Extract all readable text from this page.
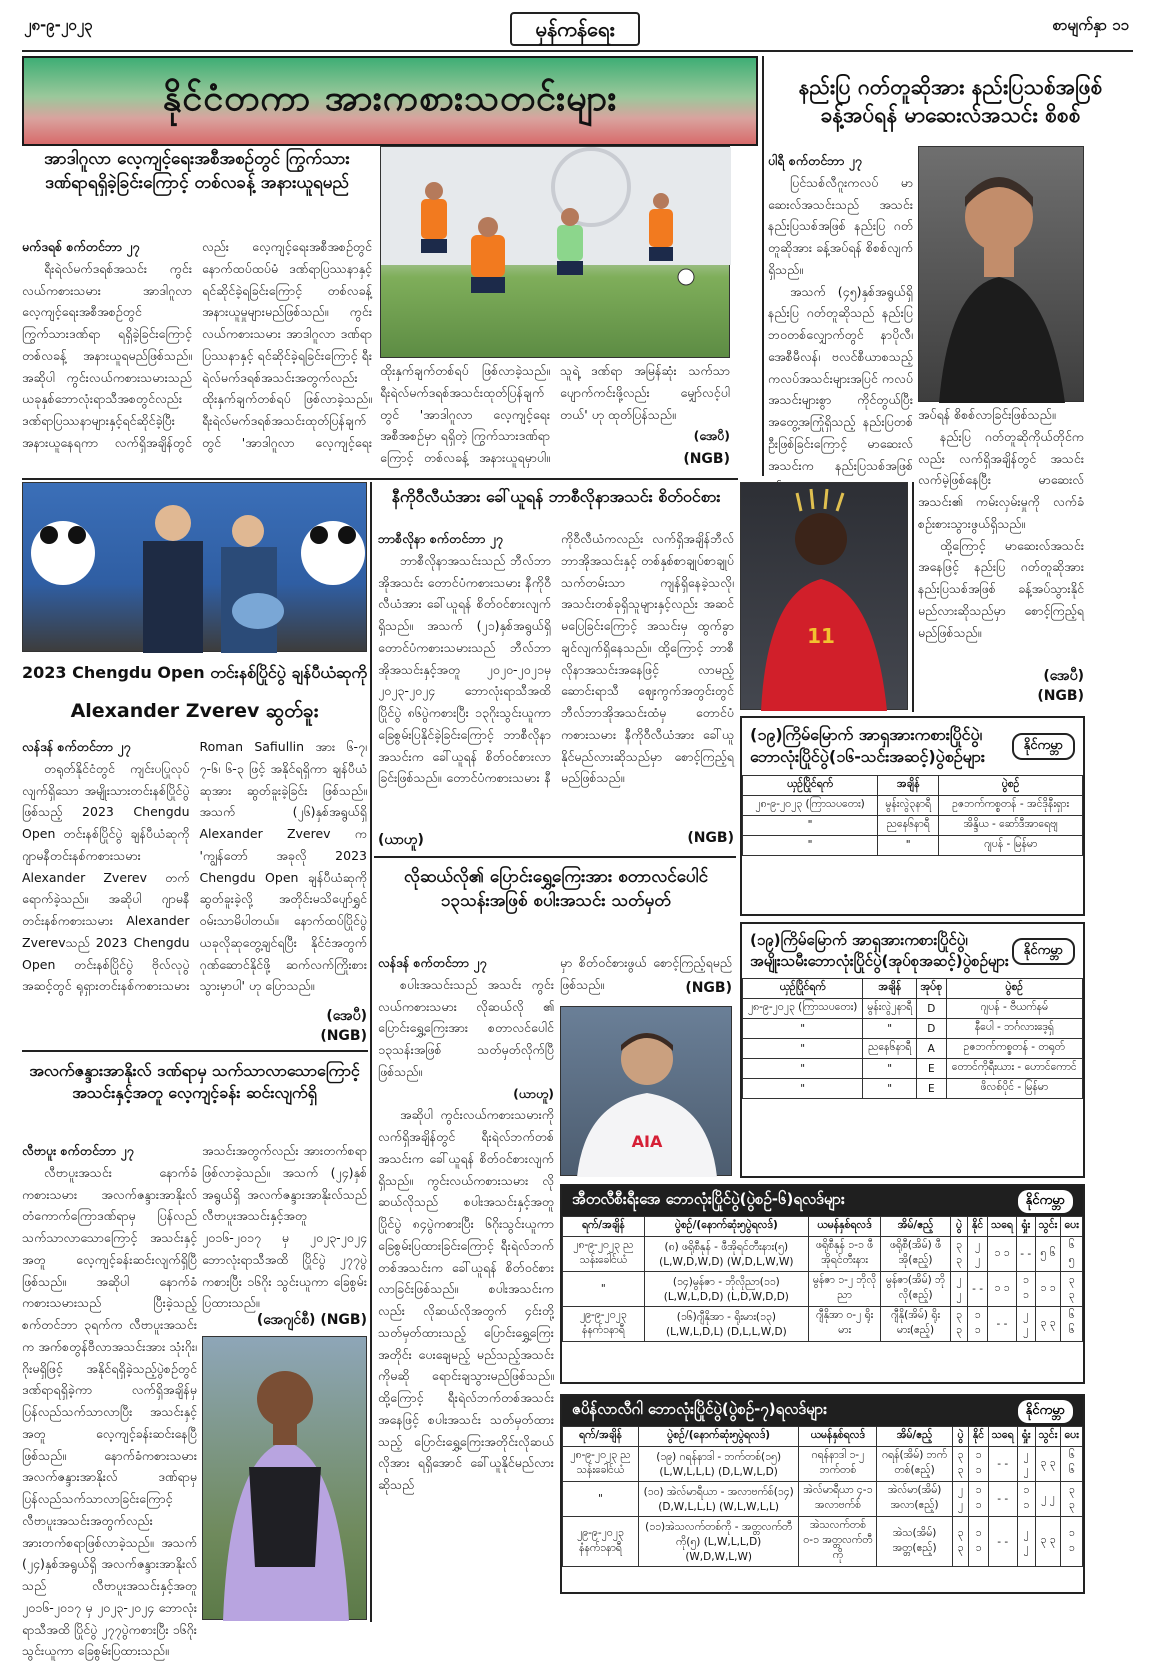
၂၈-၉-၂၀၂၃	မှန်ကန်ရေး	စာမျက်နှာ ၁၁
နိုင်ငံတကာ အားကစားသတင်းများ	နည်းပြ ဂတ်တူဆိုအား နည်းပြသစ်အဖြစ်
ခန့်အပ်ရန် မာဆေးလ်အသင်း စိစစ်
အာဒါဂူလာ လေ့ကျင့်ရေးအစီအစဉ်တွင် ကြွက်သား
ဒဏ်ရာရရှိခဲ့ခြင်းကြောင့် တစ်လခန့် အနားယူရမည်

မက်ဒရစ် စက်တင်ဘာ ၂၇

ရီးရဲလ်မက်ဒရစ်အသင်း ကွင်းလယ်ကစားသမား အာဒါဂူလာ လေ့ကျင့်ရေးအစီအစဉ်တွင် ကြွက်သားဒဏ်ရာ ရရှိခဲ့ခြင်းကြောင့် တစ်လခန့် အနားယူရမည်ဖြစ်သည်။ အဆိုပါ ကွင်းလယ်ကစားသမားသည် ယခုနှစ်ဘောလုံးရာသီအစတွင်လည်း ဒဏ်ရာပြဿနာများနှင့်ရင်ဆိုင်ခဲ့ပြီး အနားယူနေရကာ လက်ရှိအချိန်တွင်လည်း လေ့ကျင့်ရေးအစီအစဉ်တွင် နောက်ထပ်ထပ်မံ ဒဏ်ရာပြဿနာနှင့် ရင်ဆိုင်ခဲ့ရခြင်းကြောင့် တစ်လခန့် အနားယူမှုများမည်ဖြစ်သည်။ ကွင်းလယ်ကစားသမား အာဒါဂူလာ ဒဏ်ရာပြဿနာနှင့် ရင်ဆိုင်ခဲ့ရခြင်းကြောင့် ရီးရဲလ်မက်ဒရစ်အသင်းအတွက်လည်း ထိုးနှက်ချက်တစ်ရပ် ဖြစ်လာခဲ့သည်။ ရီးရဲလ်မက်ဒရစ်အသင်းထုတ်ပြန်ချက်တွင် 'အာဒါဂူလာ လေ့ကျင့်ရေး

ထိုးနှက်ချက်တစ်ရပ် ဖြစ်လာခဲ့သည်။ ရီးရဲလ်မက်ဒရစ်အသင်းထုတ်ပြန်ချက်တွင် 'အာဒါဂူလာ လေ့ကျင့်ရေးအစီအစဉ်မှာ ရရှိတဲ့ ကြွက်သားဒဏ်ရာကြောင့် တစ်လခန့် အနားယူရမှာပါ။ သူရဲ့ ဒဏ်ရာ အမြန်ဆုံး သက်သာပျောက်ကင်းဖို့လည်း မျှော်လင့်ပါတယ်' ဟု ထုတ်ပြန်သည်။

(အေပီ)

(NGB)

ပါရီ စက်တင်ဘာ ၂၇

ပြင်သစ်လီဂူးကလပ် မာဆေးလ်အသင်းသည် အသင်းနည်းပြသစ်အဖြစ် နည်းပြ ဂတ်တူဆိုအား ခန့်အပ်ရန် စိစစ်လျက်ရှိသည်။

အသက် (၄၅)နှစ်အရွယ်ရှိ နည်းပြ ဂတ်တူဆိုသည် နည်းပြဘဝတစ်လျှောက်တွင် နာပိုလီ၊ အေစီမီလန်၊ ဗလင်စီယာစသည့်ကလပ်အသင်းများအပြင် ကလပ်အသင်းများစွာ ကိုင်တွယ်ပြီး အတွေ့အကြုံရှိသည့် နည်းပြတစ်ဦးဖြစ်ခြင်းကြောင့် မာဆေးလ်အသင်းက နည်းပြသစ်အဖြစ်

အပ်ရန် စိစစ်လာခြင်းဖြစ်သည်။

နည်းပြ ဂတ်တူဆိုကိုယ်တိုင်ကလည်း လက်ရှိအချိန်တွင် အသင်းလက်မဲ့ဖြစ်နေပြီး မာဆေးလ်အသင်း၏ ကမ်းလှမ်းမှုကို လက်ခံစဉ်းစားသွားဖွယ်ရှိသည်။

ထို့ကြောင့် မာဆေးလ်အသင်းအနေဖြင့် နည်းပြ ဂတ်တူဆိုအား နည်းပြသစ်အဖြစ် ခန့်အပ်သွားနိုင်မည်လားဆိုသည်မှာ စောင့်ကြည့်ရမည်ဖြစ်သည်။

(အေပီ)
(NGB)
2023 Chengdu Open တင်းနစ်ပြိုင်ပွဲ ချန်ပီယံဆုကို
Alexander Zverev ဆွတ်ခူး

လန်ဒန် စက်တင်ဘာ ၂၇

တရုတ်နိုင်ငံတွင် ကျင်းပပြုလုပ်လျက်ရှိသော အမျိုးသားတင်းနစ်ပြိုင်ပွဲဖြစ်သည့် 2023 Chengdu Open တင်းနစ်ပြိုင်ပွဲ ချန်ပီယံဆုကို ဂျာမနီတင်းနစ်ကစားသမား Alexander Zverev တက်ရောက်ခဲ့သည်။ အဆိုပါ ဂျာမနီတင်းနစ်ကစားသမား Alexander Zverevသည် 2023 Chengdu Open တင်းနစ်ပြိုင်ပွဲ ဗိုလ်လုပွဲအဆင့်တွင် ရုရှားတင်းနစ်ကစားသမား Roman Safiullin အား ၆-၇၊ ၇-၆၊ ၆-၃ ဖြင့် အနိုင်ရရှိကာ ချန်ပီယံဆုအား ဆွတ်ခူးခဲ့ခြင်း ဖြစ်သည်။ အသက် (၂၆)နှစ်အရွယ်ရှိ Alexander Zverev က 'ကျွန်တော် အခုလို 2023 Chengdu Open ချန်ပီယံဆုကို ဆွတ်ခူးခဲ့လို့ အတိုင်းမသိပျော်ရွှင်ဝမ်းသာမိပါတယ်။ နောက်ထပ်ပြိုင်ပွဲ ယခုလိုဆုတွေ့ချင်ရပြီး နိုင်ငံအတွက် ဂုဏ်ဆောင်နိုင်ဖို့ ဆက်လက်ကြိုးစားသွားမှာပါ' ဟု ပြောသည်။

(အေပီ)
(NGB)
အလက်ဇန္ဒားအာနိုးလ် ဒဏ်ရာမှ သက်သာလာသောကြောင့်
အသင်းနှင့်အတူ လေ့ကျင့်ခန်း ဆင်းလျက်ရှိ

လီဗာပူး စက်တင်ဘာ ၂၇

လီဗာပူးအသင်း နောက်ခံကစားသမား အလက်ဇန္ဒားအာနိုးလ် တံကောက်ကြောဒဏ်ရာမှ ပြန်လည်သက်သာလာသောကြောင့် အသင်းနှင့်အတူ လေ့ကျင့်ခန်းဆင်းလျက်ရှိပြီ ဖြစ်သည်။ အဆိုပါ နောက်ခံကစားသမားသည် ပြီးခဲ့သည့် စက်တင်ဘာ ၃ရက်က လီဗာပူးအသင်း က အက်စတွန်ဗီလာအသင်းအား သုံးဂိုး၊ ဂိုးမရှိဖြင့် အနိုင်ရရှိခဲ့သည့်ပွဲစဉ်တွင် ဒဏ်ရာရရှိခဲ့ကာ လက်ရှိအချိန်မှ ပြန်လည်သက်သာလာပြီး အသင်းနှင့်အတူ လေ့ကျင့်ခန်းဆင်းနေပြီ ဖြစ်သည်။ နောက်ခံကစားသမား အလက်ဇန္ဒားအာနိုးလ် ဒဏ်ရာမှ ပြန်လည်သက်သာလာခြင်းကြောင့် လီဗာပူးအသင်းအတွက်လည်း အားတက်စရာဖြစ်လာခဲ့သည်။ အသက် (၂၄)နှစ်အရွယ်ရှိ အလက်ဇန္ဒားအာနိုးလ်သည် လီဗာပူးအသင်းနှင့်အတူ ၂၀၁၆-၂၀၁၇ မှ ၂၀၂၃-၂၀၂၄ ဘောလုံးရာသီအထိ ပြိုင်ပွဲ ၂၇၇ပွဲကစားပြီး ၁၆ဂိုး သွင်းယူကာ ခြေစွမ်းပြထားသည်။

အသင်းအတွက်လည်း အားတက်စရာဖြစ်လာခဲ့သည်။ အသက် (၂၄)နှစ်အရွယ်ရှိ အလက်ဇန္ဒားအာနိုးလ်သည် လီဗာပူးအသင်းနှင့်အတူ ၂၀၁၆-၂၀၁၇ မှ ၂၀၂၃-၂၀၂၄ ဘောလုံးရာသီအထိ ပြိုင်ပွဲ ၂၇၇ပွဲကစားပြီး ၁၆ဂိုး သွင်းယူကာ ခြေစွမ်းပြထားသည်။

(အေဂျင်စီ) (NGB)
နီကိုဝီလီယံအား ခေါ်ယူရန် ဘာစီလိုနာအသင်း စိတ်ဝင်စား

ဘာစီလိုနာ စက်တင်ဘာ ၂၇

ဘာစီလိုနာအသင်းသည် ဘီလ်ဘာအိုအသင်း တောင်ပံကစားသမား နီကိုဝီလီယံအား ခေါ်ယူရန် စိတ်ဝင်စားလျက်ရှိသည်။ အသက် (၂၁)နှစ်အရွယ်ရှိ တောင်ပံကစားသမားသည် ဘီလ်ဘာအိုအသင်းနှင့်အတူ ၂၀၂၀-၂၀၂၁မှ ၂၀၂၃-၂၀၂၄ ဘောလုံးရာသီအထိ ပြိုင်ပွဲ ၈၆ပွဲကစားပြီး ၁၃ဂိုးသွင်းယူကာ ခြေစွမ်းပြနိုင်ခဲ့ခြင်းကြောင့် ဘာစီလိုနာအသင်းက ခေါ်ယူရန် စိတ်ဝင်စားလာခြင်းဖြစ်သည်။ တောင်ပံကစားသမား နီကိုဝီလီယံကလည်း လက်ရှိအချိန်ဘီလ်ဘာအိုအသင်းနှင့် တစ်နှစ်စာချုပ်စာချုပ်သက်တမ်းသာ ကျန်ရှိနေခဲ့သလို၊ အသင်းတစ်ခုရှိသူများနှင့်လည်း အဆင်မပြေခြင်းကြောင့် အသင်းမှ ထွက်ခွာချင်လျက်ရှိနေသည်။ ထို့ကြောင့် ဘာစီလိုနာအသင်းအနေဖြင့် လာမည့် ဆောင်းရာသီ ဈေးကွက်အတွင်းတွင် ဘီလ်ဘာအိုအသင်းထံမှ တောင်ပံကစားသမား နီကိုဝီလီယံအား ခေါ်ယူနိုင်မည်လားဆိုသည်မှာ စောင့်ကြည့်ရမည်ဖြစ်သည်။

(ယာဟူ)	(NGB)
11
လိုဆယ်လို၏ ပြောင်းရွှေ့ကြေးအား စတာလင်ပေါင်
၁၃သန်းအဖြစ် စပါးအသင်း သတ်မှတ်

လန်ဒန် စက်တင်ဘာ ၂၇

စပါးအသင်းသည် အသင်း ကွင်းလယ်ကစားသမား လိုဆယ်လို ၏ ပြောင်းရွှေ့ကြေးအား စတာလင်ပေါင် ၁၃သန်းအဖြစ် သတ်မှတ်လိုက်ပြီဖြစ်သည်။

(ယာဟူ)

အဆိုပါ ကွင်းလယ်ကစားသမားကို လက်ရှိအချိန်တွင် ရီးရဲလ်ဘက်တစ်အသင်းက ခေါ်ယူရန် စိတ်ဝင်စားလျက်ရှိသည်။ ကွင်းလယ်ကစားသမား လိုဆယ်လိုသည် စပါးအသင်းနှင့်အတူ ပြိုင်ပွဲ ၈၄ပွဲကစားပြီး ၆ဂိုးသွင်းယူကာ ခြေစွမ်းပြထားခြင်းကြောင့် ရီးရဲလ်ဘက်တစ်အသင်းက ခေါ်ယူရန် စိတ်ဝင်စားလာခြင်းဖြစ်သည်။ စပါးအသင်းကလည်း လိုဆယ်လိုအတွက် ၄င်းတို့ သတ်မှတ်ထားသည့် ပြောင်းရွှေ့ကြေးအတိုင်း ပေးချေမည့် မည်သည့်အသင်းကိုမဆို ရောင်းချသွားမည်ဖြစ်သည်။ ထို့ကြောင့် ရီးရဲလ်ဘက်တစ်အသင်းအနေဖြင့် စပါးအသင်း သတ်မှတ်ထားသည့် ပြောင်းရွှေ့ကြေးအတိုင်းလိုဆယ်လိုအား ရရှိအောင် ခေါ်ယူနိုင်မည်လားဆိုသည်

မှာ စိတ်ဝင်စားဖွယ် စောင့်ကြည့်ရမည်ဖြစ်သည်။	(NGB)
AIA
(၁၉)ကြိမ်မြောက် အာရှအားကစားပြိုင်ပွဲ၊
ဘောလုံးပြိုင်ပွဲ(၁၆-သင်းအဆင့်)ပွဲစဉ်များ
နိုင်ကမ္ဘာ
ယှဉ်ပြိုင်ရက်	အချိန်	ပွဲစဉ်
၂၈-၉-၂၀၂၃ (ကြာသပတေး)	မွန်းလွဲ၃နာရီ	ဥဇဘက်ကစ္စတန် - အင်ဒိုနီးရှား
"	ညနေ၆နာရီ	အိန္ဒိယ - ဆော်ဒီအာရေဗျ
"	"	ဂျပန် - မြန်မာ
(၁၉)ကြိမ်မြောက် အာရှအားကစားပြိုင်ပွဲ၊
အမျိုးသမီးဘောလုံးပြိုင်ပွဲ(အုပ်စုအဆင့်)ပွဲစဉ်များ
နိုင်ကမ္ဘာ
ယှဉ်ပြိုင်ရက်	အချိန်	အုပ်စု	ပွဲစဉ်
၂၈-၉-၂၀၂၃ (ကြာသပတေး)	မွန်းလွဲ၂နာရီ	D	ဂျပန် - ဗီယက်နမ်
"	"	D	နီပေါ - ဘင်္ဂလားဒေ့ရှ်
"	ညနေ၆နာရီ	A	ဥဇဘက်ကစ္စတန် - တရုတ်
"	"	E	တောင်ကိုရီးယား - ဟောင်ကောင်
"	"	E	ဖိလစ်ပိုင် - မြန်မာ
အီတလီစီးရီးအေ ဘောလုံးပြိုင်ပွဲ(ပွဲစဉ်-၆)ရလဒ်များ	နိုင်ကမ္ဘာ
ရက်/အချိန်	ပွဲစဉ်/(နောက်ဆုံး၅ပွဲရလဒ်)	ယမန်နှစ်ရလဒ်	အိမ်/ဧည့်	ပွဲ	နိုင်	သရေ	ရှုံး	သွင်း	ပေး
၂၈-၉-၂၀၂၃ ညသန်းခေါင်ယံ	(၈) ဖရိုစီနုန် - ဖီအိုရင်တီးနား(၅) (L,W,D,W,D) (W,D,L,W,W)	ဖရိုစီနုန် ၁-၁ ဖီအိုရင်တီးနား	ဖရိုစီ(အိမ်) ဖီအို(ဧည့်)	၃ ၃	၂ ၂	၁ ၁	- -	၅ ၆	၆ ၅
"	(၁၄)မွန်ဇာ - ဘိုလိုညာ(၁၁) (L,W,L,D,D) (L,D,W,D,D)	မွန်ဇာ ၁-၂ ဘိုလိုညာ	မွန်ဇာ(အိမ်) ဘိုလို(ဧည့်)	၂ ၂	- -	၁ ၁	၁ ၁	၁ ၁	၃ ၃
၂၉-၉-၂၀၂၃ နံနက်၁နာရီ	(၁၆)ဂျီနိုအာ - ရိုးမား(၁၃) (L,W,L,D,L) (D,L,L,W,D)	ဂျီနိုအာ ၀-၂ ရိုးမား	ဂျီနို(အိမ်) ရိုးမား(ဧည့်)	၃ ၃	၁ ၁	- -	၂ ၂	၃ ၃	၆ ၆
ဇပိန်လာလီဂါ ဘောလုံးပြိုင်ပွဲ(ပွဲစဉ်-၇)ရလဒ်များ	နိုင်ကမ္ဘာ
ရက်/အချိန်	ပွဲစဉ်/(နောက်ဆုံး၅ပွဲရလဒ်)	ယမန်နှစ်ရလဒ်	အိမ်/ဧည့်	ပွဲ	နိုင်	သရေ	ရှုံး	သွင်း	ပေး
၂၈-၉-၂၀၂၃ ညသန်းခေါင်ယံ	(၁၉) ဂရန်နာဒါ - ဘက်တစ်(၁၅) (L,W,L,L,L) (D,L,W,L,D)	ဂရန်နာဒါ ၁-၂ ဘက်တစ်	ဂရန်(အိမ်) ဘက်တစ်(ဧည့်)	၃ ၃	၁ ၁	- -	၂ ၂	၃ ၃	၆ ၆
"	(၁၀) အဲလ်မာရီယာ - အလာဗက်စ်(၁၄) (D,W,L,L,L) (W,L,W,L,L)	အဲလ်မာရီယာ ၄-၁ အလာဗက်စ်	အဲလ်မာ(အိမ်) အလာ(ဧည့်)	၂ ၂	၁ ၁	- -	၁ ၁	၂ ၂	၃ ၃
၂၉-၉-၂၀၂၃ နံနက်၁နာရီ	(၁၁)အဲသလက်တစ်ကို - အတ္တလက်တီကို(၅) (L,W,L,L,D) (W,D,W,L,W)	အဲသလက်တစ် ၀-၁ အတ္တလက်တီကို	အဲသ(အိမ်) အတ္တ(ဧည့်)	၃ ၃	၁ ၁	- -	၂ ၂	၃ ၃	၁ ၁
